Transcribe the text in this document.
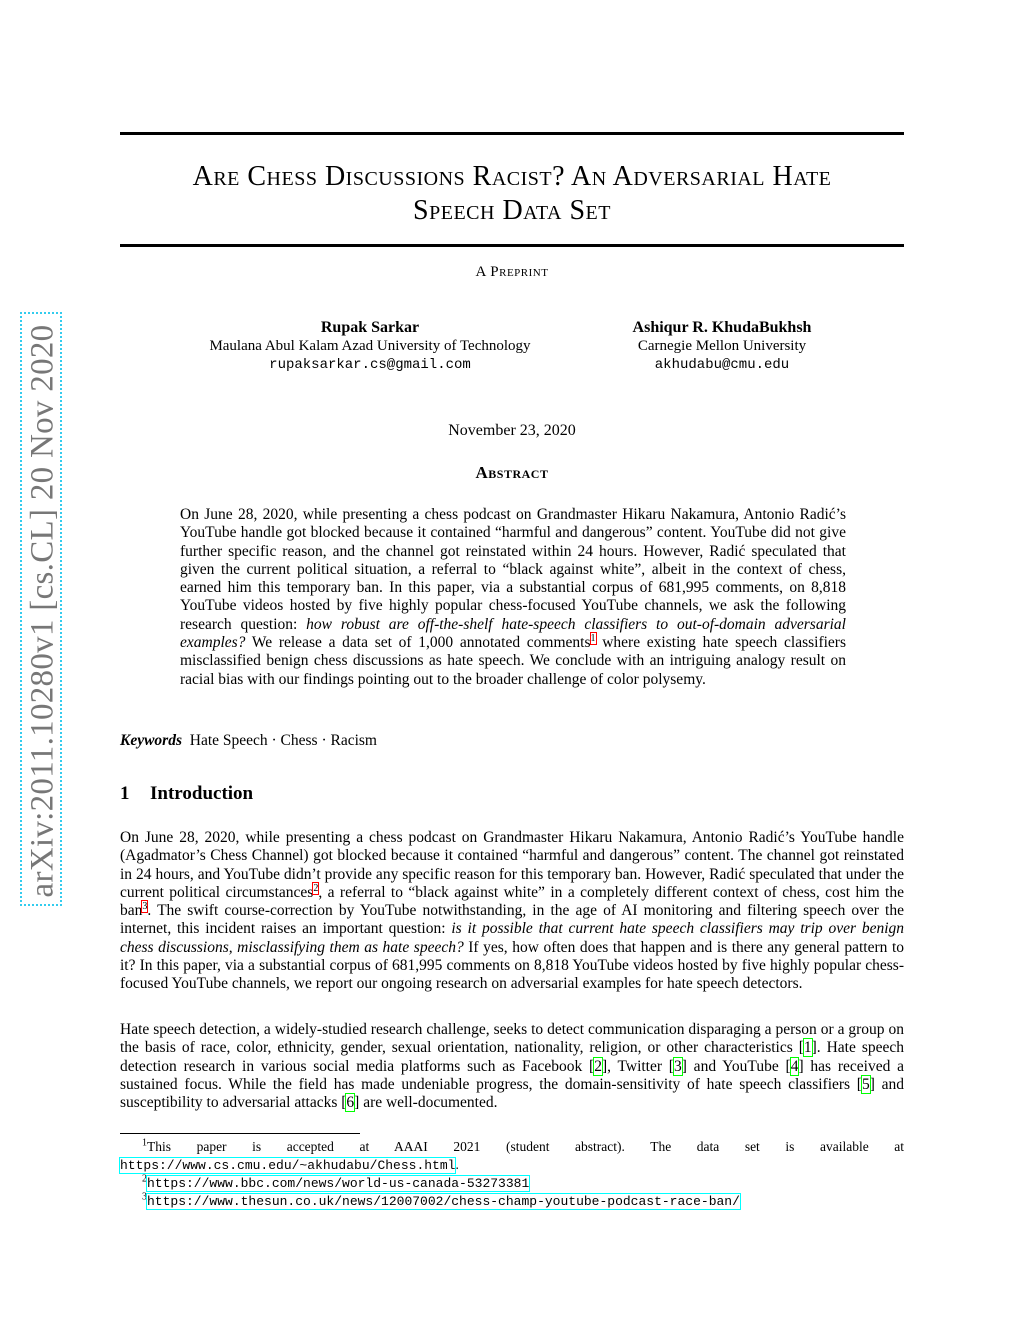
arXiv:2011.10280v1 [cs.CL] 20 Nov 2020
Are Chess Discussions Racist? An Adversarial Hate
Speech Data Set
A Preprint
Rupak Sarkar
Maulana Abul Kalam Azad University of Technology
rupaksarkar.cs@gmail.com
Ashiqur R. KhudaBukhsh
Carnegie Mellon University
akhudabu@cmu.edu
November 23, 2020
Abstract
On June 28, 2020, while presenting a chess podcast on Grandmaster Hikaru Nakamura, Antonio Radić’s YouTube handle got blocked because it contained “harmful and dangerous” content. YouTube did not give further specific reason, and the channel got reinstated within 24 hours. However, Radić speculated that given the current political situation, a referral to “black against white”, albeit in the context of chess, earned him this temporary ban. In this paper, via a substantial corpus of 681,995 comments, on 8,818 YouTube videos hosted by five highly popular chess-focused YouTube channels, we ask the following research question: how robust are off-the-shelf hate-speech classifiers to out-of-domain adversarial examples? We release a data set of 1,000 annotated comments$^1$ where existing hate speech classifiers misclassified benign chess discussions as hate speech. We conclude with an intriguing analogy result on racial bias with our findings pointing out to the broader challenge of color polysemy.
Keywords Hate Speech · Chess · Racism
1 Introduction
On June 28, 2020, while presenting a chess podcast on Grandmaster Hikaru Nakamura, Antonio Radić’s YouTube handle (Agadmator’s Chess Channel) got blocked because it contained “harmful and dangerous” content. The channel got reinstated in 24 hours, and YouTube didn’t provide any specific reason for this temporary ban. However, Radić speculated that under the current political circumstances$^2$, a referral to “black against white” in a completely different context of chess, cost him the ban$^3$. The swift course-correction by YouTube notwithstanding, in the age of AI monitoring and filtering speech over the internet, this incident raises an important question: is it possible that current hate speech classifiers may trip over benign chess discussions, misclassifying them as hate speech? If yes, how often does that happen and is there any general pattern to it? In this paper, via a substantial corpus of 681,995 comments on 8,818 YouTube videos hosted by five highly popular chess-focused YouTube channels, we report our ongoing research on adversarial examples for hate speech detectors.
Hate speech detection, a widely-studied research challenge, seeks to detect communication disparaging a person or a group on the basis of race, color, ethnicity, gender, sexual orientation, nationality, religion, or other characteristics [1]. Hate speech detection research in various social media platforms such as Facebook [2], Twitter [3] and YouTube [4] has received a sustained focus. While the field has made undeniable progress, the domain-sensitivity of hate speech classifiers [5] and susceptibility to adversarial attacks [6] are well-documented.
$^1$This paper is accepted at AAAI 2021 (student abstract). The data set is available at
https://www.cs.cmu.edu/~akhudabu/Chess.html.
$^2$https://www.bbc.com/news/world-us-canada-53273381
$^3$https://www.thesun.co.uk/news/12007002/chess-champ-youtube-podcast-race-ban/
